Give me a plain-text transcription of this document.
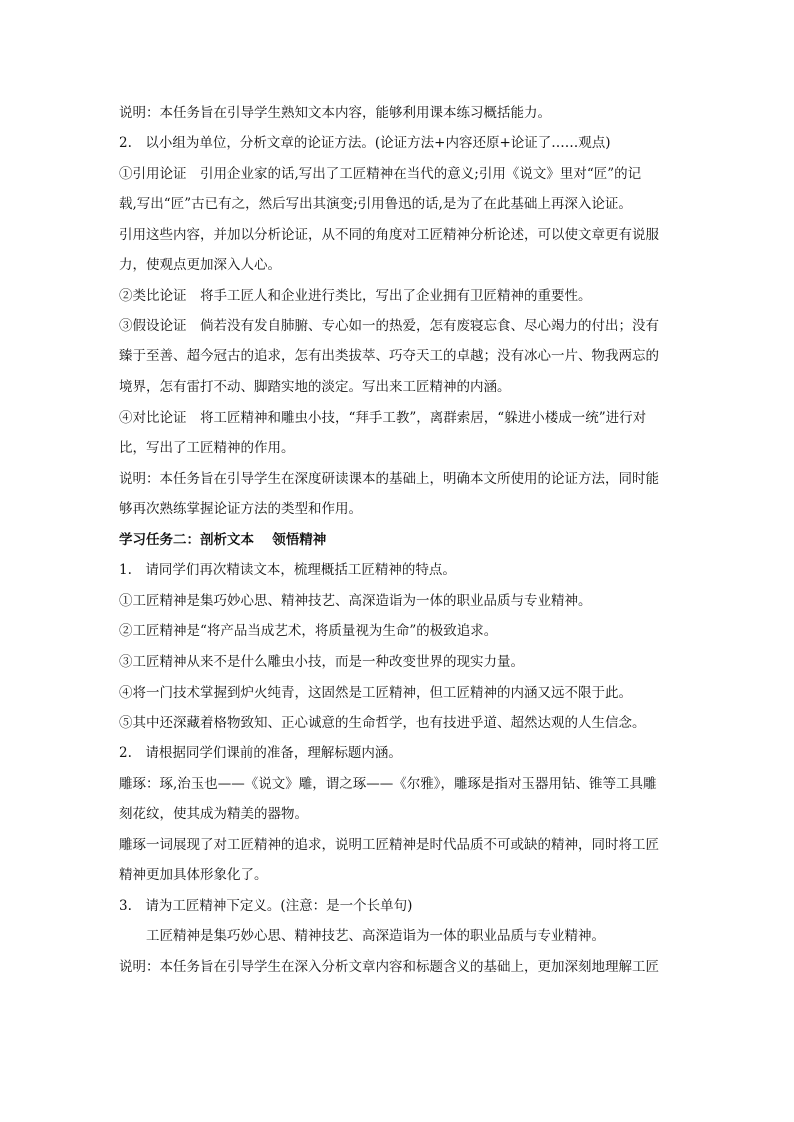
说明：本任务旨在引导学生熟知文本内容，能够利用课本练习概括能力。
2.　以小组为单位，分析文章的论证方法。(论证方法+内容还原+论证了……观点)
①引用论证　引用企业家的话,写出了工匠精神在当代的意义;引用《说文》里对“匠”的记
载,写出“匠”古已有之，然后写出其演变;引用鲁迅的话,是为了在此基础上再深入论证。
引用这些内容，并加以分析论证，从不同的角度对工匠精神分析论述，可以使文章更有说服
力，使观点更加深入人心。
②类比论证　将手工匠人和企业进行类比，写出了企业拥有卫匠精神的重要性。
③假设论证　倘若没有发自肺腑、专心如一的热爱，怎有废寝忘食、尽心竭力的付出；没有
臻于至善、超今冠古的追求，怎有出类拔萃、巧夺天工的卓越；没有冰心一片、物我两忘的
境界，怎有雷打不动、脚踏实地的淡定。写出来工匠精神的内涵。
④对比论证　将工匠精神和雕虫小技，“拜手工教”，离群索居，“躲进小楼成一统”进行对
比，写出了工匠精神的作用。
说明：本任务旨在引导学生在深度研读课本的基础上，明确本文所使用的论证方法，同时能
够再次熟练掌握论证方法的类型和作用。
学习任务二：剖析文本　 领悟精神
1.　请同学们再次精读文本，梳理概括工匠精神的特点。
①工匠精神是集巧妙心思、精神技艺、高深造诣为一体的职业品质与专业精神。
②工匠精神是“将产品当成艺术，将质量视为生命”的极致追求。
③工匠精神从来不是什么雕虫小技，而是一种改变世界的现实力量。
④将一门技术掌握到炉火纯青，这固然是工匠精神，但工匠精神的内涵又远不限于此。
⑤其中还深藏着格物致知、正心诚意的生命哲学，也有技进乎道、超然达观的人生信念。
2.　请根据同学们课前的准备，理解标题内涵。
雕琢：琢,治玉也——《说文》雕，谓之琢——《尔雅》，雕琢是指对玉器用钻、锥等工具雕
刻花纹，使其成为精美的器物。
雕琢一词展现了对工匠精神的追求，说明工匠精神是时代品质不可或缺的精神，同时将工匠
精神更加具体形象化了。
3.　请为工匠精神下定义。(注意：是一个长单句)
工匠精神是集巧妙心思、精神技艺、高深造诣为一体的职业品质与专业精神。
说明：本任务旨在引导学生在深入分析文章内容和标题含义的基础上，更加深刻地理解工匠
